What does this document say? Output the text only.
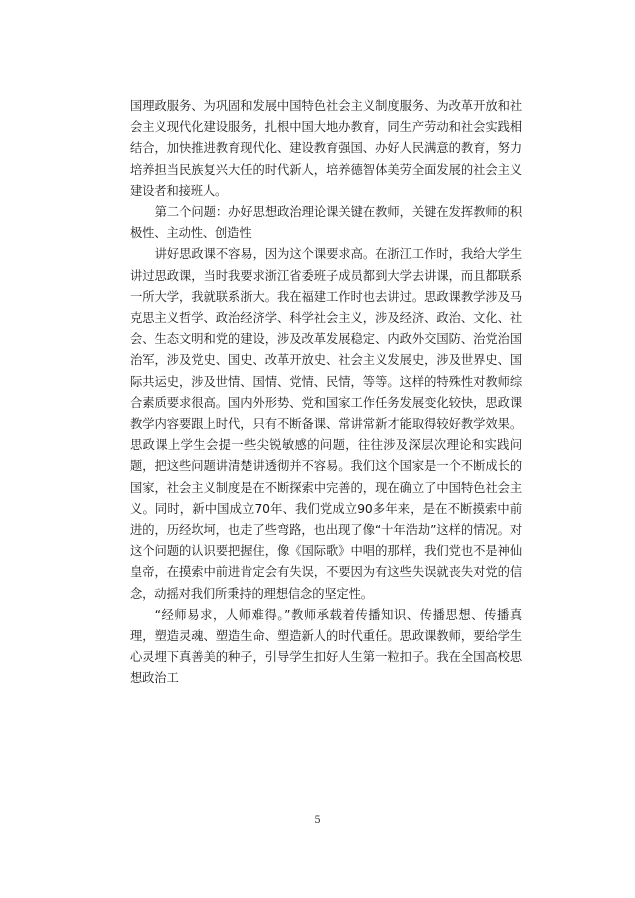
国理政服务、为巩固和发展中国特色社会主义制度服务、为改革开放和社会主义现代化建设服务，扎根中国大地办教育，同生产劳动和社会实践相结合，加快推进教育现代化、建设教育强国、办好人民满意的教育，努力培养担当民族复兴大任的时代新人，培养德智体美劳全面发展的社会主义建设者和接班人。

第二个问题：办好思想政治理论课关键在教师，关键在发挥教师的积极性、主动性、创造性

讲好思政课不容易，因为这个课要求高。在浙江工作时，我给大学生讲过思政课，当时我要求浙江省委班子成员都到大学去讲课，而且都联系一所大学，我就联系浙大。我在福建工作时也去讲过。思政课教学涉及马克思主义哲学、政治经济学、科学社会主义，涉及经济、政治、文化、社会、生态文明和党的建设，涉及改革发展稳定、内政外交国防、治党治国治军，涉及党史、国史、改革开放史、社会主义发展史，涉及世界史、国际共运史，涉及世情、国情、党情、民情，等等。这样的特殊性对教师综合素质要求很高。国内外形势、党和国家工作任务发展变化较快，思政课教学内容要跟上时代，只有不断备课、常讲常新才能取得较好教学效果。思政课上学生会提一些尖锐敏感的问题，往往涉及深层次理论和实践问题，把这些问题讲清楚讲透彻并不容易。我们这个国家是一个不断成长的国家，社会主义制度是在不断探索中完善的，现在确立了中国特色社会主义。同时，新中国成立70年、我们党成立90多年来，是在不断摸索中前进的，历经坎坷，也走了些弯路，也出现了像“十年浩劫”这样的情况。对这个问题的认识要把握住，像《国际歌》中唱的那样，我们党也不是神仙皇帝，在摸索中前进肯定会有失误，不要因为有这些失误就丧失对党的信念，动摇对我们所秉持的理想信念的坚定性。

“经师易求，人师难得。”教师承载着传播知识、传播思想、传播真理，塑造灵魂、塑造生命、塑造新人的时代重任。思政课教师，要给学生心灵埋下真善美的种子，引导学生扣好人生第一粒扣子。我在全国高校思想政治工

5
